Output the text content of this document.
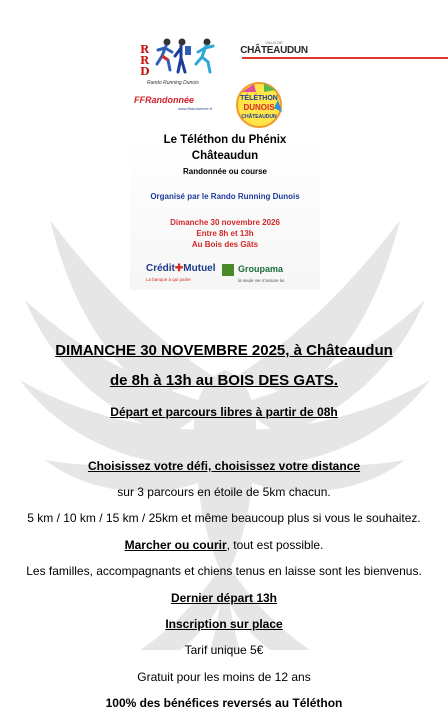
R
R
D
Rando Running Dunois
VILLE DE
CHÂTEAUDUN
FFRandonnée
www.ffrandonnee.fr
TÉLÉTHON
DUNOIS
CHÂTEAUDUN
Le Téléthon du Phénix
Châteaudun
Randonnée ou course
Organisé par le Rando Running Dunois
Dimanche 30 novembre 2026
Entre 8h et 13h
Au Bois des Gâts
Crédit✚Mutuel
La banque à qui parler
Groupama
la seule vie n'assure lui
DIMANCHE 30 NOVEMBRE 2025, à Châteaudun
de 8h à 13h au BOIS DES GATS.
Départ et parcours libres à partir de 08h
Choisissez votre défi, choisissez votre distance
sur 3 parcours en étoile de 5km chacun.
5 km / 10 km / 15 km / 25km et même beaucoup plus si vous le souhaitez.
Marcher ou courir, tout est possible.
Les familles, accompagnants et chiens tenus en laisse sont les bienvenus.
Dernier départ 13h
Inscription sur place
Tarif unique 5€
Gratuit pour les moins de 12 ans
100% des bénéfices reversés au Téléthon
